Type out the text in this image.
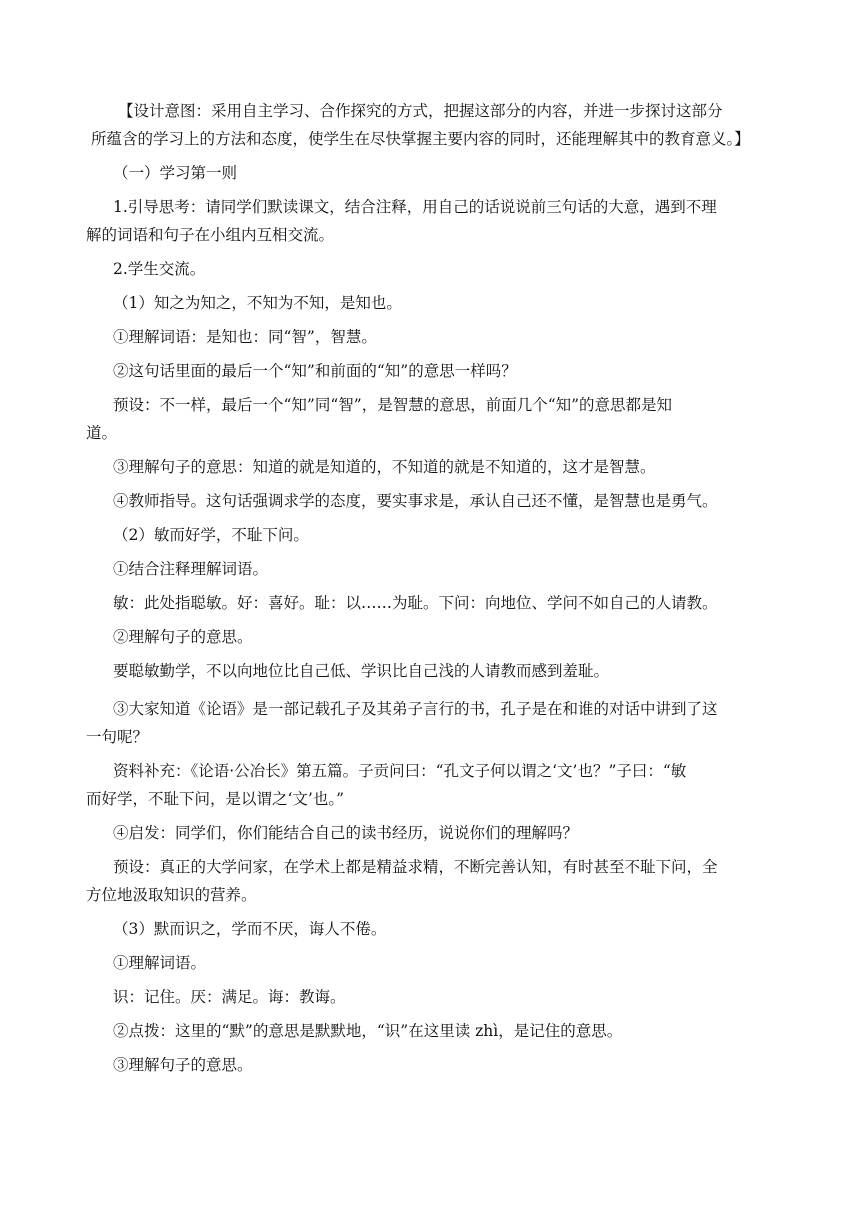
【设计意图：采用自主学习、合作探究的方式，把握这部分的内容，并进一步探讨这部分
所蕴含的学习上的方法和态度，使学生在尽快掌握主要内容的同时，还能理解其中的教育意义。】

（一）学习第一则

1.引导思考：请同学们默读课文，结合注释，用自己的话说说前三句话的大意，遇到不理
解的词语和句子在小组内互相交流。

2.学生交流。

（1）知之为知之，不知为不知，是知也。

①理解词语：是知也：同“智”，智慧。

②这句话里面的最后一个“知”和前面的“知”的意思一样吗？

预设：不一样，最后一个“知”同“智”，是智慧的意思，前面几个“知”的意思都是知
道。

③理解句子的意思：知道的就是知道的，不知道的就是不知道的，这才是智慧。

④教师指导。这句话强调求学的态度，要实事求是，承认自己还不懂，是智慧也是勇气。

（2）敏而好学，不耻下问。

①结合注释理解词语。

敏：此处指聪敏。好：喜好。耻：以……为耻。下问：向地位、学问不如自己的人请教。

②理解句子的意思。

要聪敏勤学，不以向地位比自己低、学识比自己浅的人请教而感到羞耻。

③大家知道《论语》是一部记载孔子及其弟子言行的书，孔子是在和谁的对话中讲到了这
一句呢？

资料补充：《论语·公冶长》第五篇。子贡问曰：“孔文子何以谓之‘文’也？”子曰：“敏
而好学，不耻下问，是以谓之‘文’也。”

④启发：同学们，你们能结合自己的读书经历，说说你们的理解吗？

预设：真正的大学问家，在学术上都是精益求精，不断完善认知，有时甚至不耻下问，全
方位地汲取知识的营养。

（3）默而识之，学而不厌，诲人不倦。

①理解词语。

识：记住。厌：满足。诲：教诲。

②点拨：这里的“默”的意思是默默地，“识”在这里读 zhì，是记住的意思。

③理解句子的意思。
